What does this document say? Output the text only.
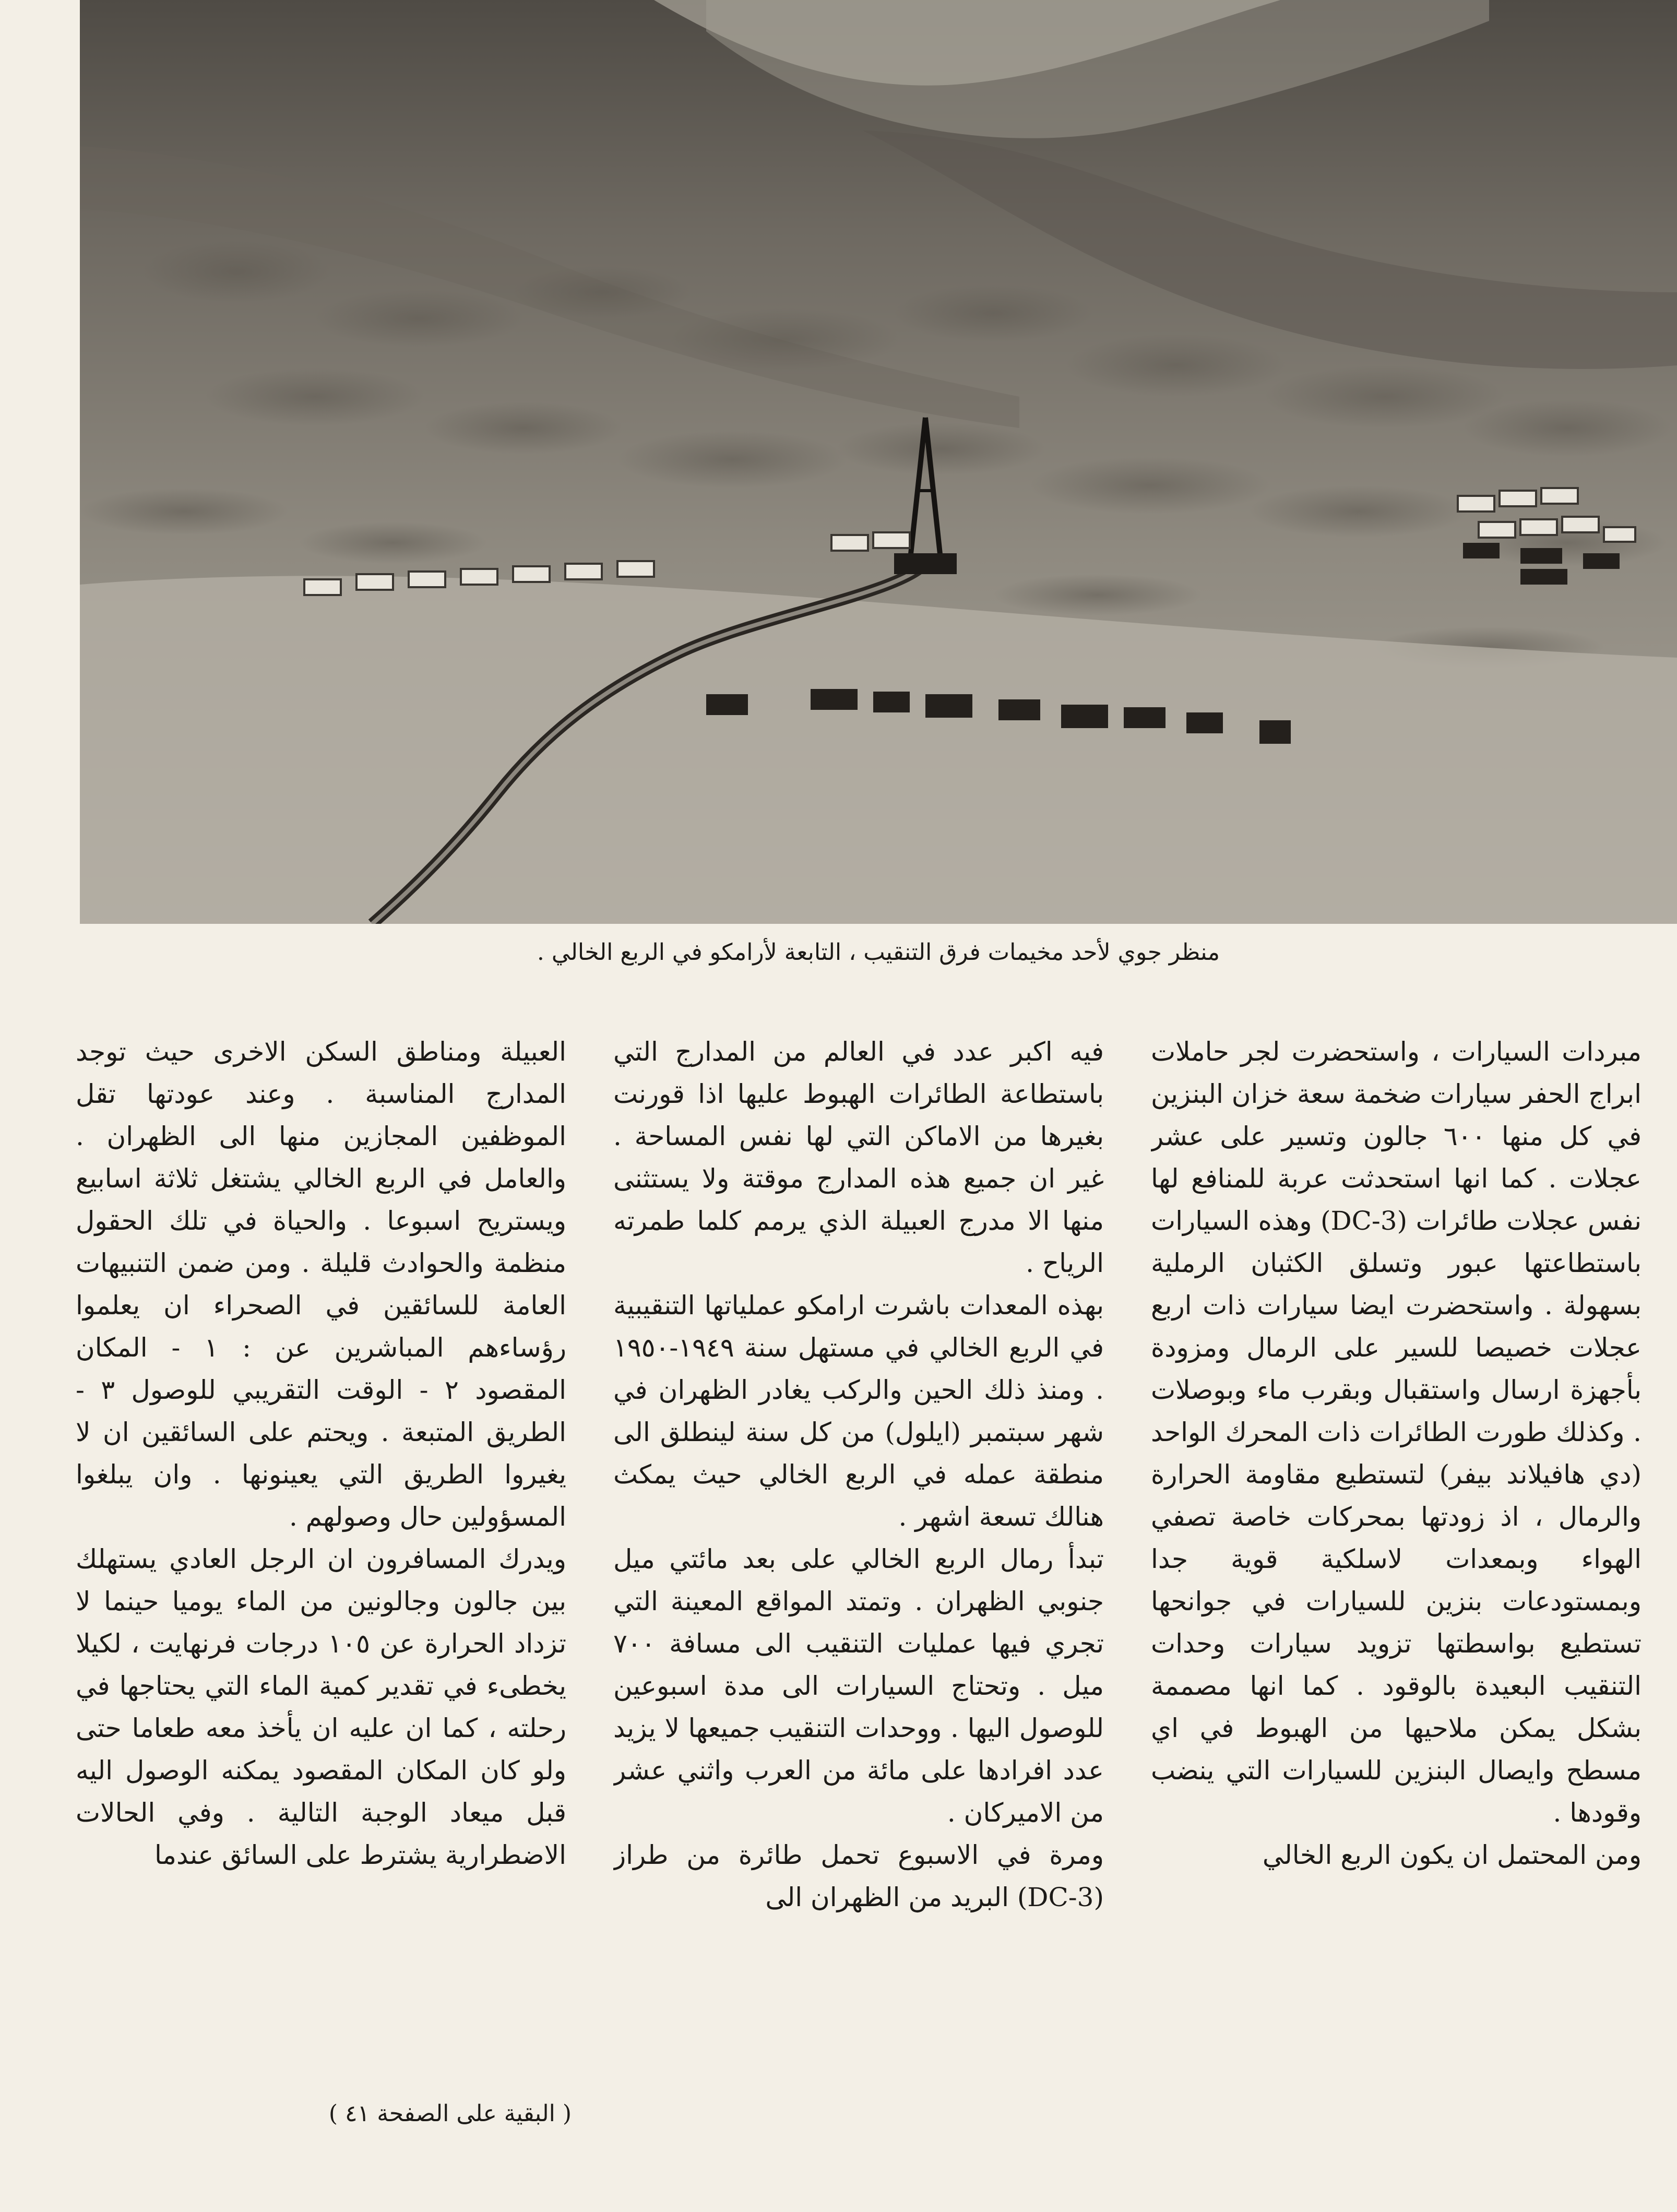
منظر جوي لأحد مخيمات فرق التنقيب ، التابعة لأرامكو في الربع الخالي .

مبردات السيارات ، واستحضرت لجر حاملات ابراج الحفر سيارات ضخمة سعة خزان البنزين في كل منها ٦٠٠ جالون وتسير على عشر عجلات . كما انها استحدثت عربة للمنافع لها نفس عجلات طائرات (DC-3) وهذه السيارات باستطاعتها عبور وتسلق الكثبان الرملية بسهولة . واستحضرت ايضا سيارات ذات اربع عجلات خصيصا للسير على الرمال ومزودة بأجهزة ارسال واستقبال وبقرب ماء وبوصلات . وكذلك طورت الطائرات ذات المحرك الواحد (دي هافيلاند بيفر) لتستطيع مقاومة الحرارة والرمال ، اذ زودتها بمحركات خاصة تصفي الهواء وبمعدات لاسلكية قوية جدا وبمستودعات بنزين للسيارات في جوانحها تستطيع بواسطتها تزويد سيارات وحدات التنقيب البعيدة بالوقود . كما انها مصممة بشكل يمكن ملاحيها من الهبوط في اي مسطح وايصال البنزين للسيارات التي ينضب وقودها .

ومن المحتمل ان يكون الربع الخالي

فيه اكبر عدد في العالم من المدارج التي باستطاعة الطائرات الهبوط عليها اذا قورنت بغيرها من الاماكن التي لها نفس المساحة . غير ان جميع هذه المدارج موقتة ولا يستثنى منها الا مدرج العبيلة الذي يرمم كلما طمرته الرياح .

بهذه المعدات باشرت ارامكو عملياتها التنقيبية في الربع الخالي في مستهل سنة ١٩٤٩-١٩٥٠ . ومنذ ذلك الحين والركب يغادر الظهران في شهر سبتمبر (ايلول) من كل سنة لينطلق الى منطقة عمله في الربع الخالي حيث يمكث هنالك تسعة اشهر .

تبدأ رمال الربع الخالي على بعد مائتي ميل جنوبي الظهران . وتمتد المواقع المعينة التي تجري فيها عمليات التنقيب الى مسافة ٧٠٠ ميل . وتحتاج السيارات الى مدة اسبوعين للوصول اليها . ووحدات التنقيب جميعها لا يزيد عدد افرادها على مائة من العرب واثني عشر من الاميركان .

ومرة في الاسبوع تحمل طائرة من طراز (DC-3) البريد من الظهران الى

العبيلة ومناطق السكن الاخرى حيث توجد المدارج المناسبة . وعند عودتها تقل الموظفين المجازين منها الى الظهران . والعامل في الربع الخالي يشتغل ثلاثة اسابيع ويستريح اسبوعا . والحياة في تلك الحقول منظمة والحوادث قليلة . ومن ضمن التنبيهات العامة للسائقين في الصحراء ان يعلموا رؤساءهم المباشرين عن : ١ - المكان المقصود ٢ - الوقت التقريبي للوصول ٣ - الطريق المتبعة . ويحتم على السائقين ان لا يغيروا الطريق التي يعينونها . وان يبلغوا المسؤولين حال وصولهم .

ويدرك المسافرون ان الرجل العادي يستهلك بين جالون وجالونين من الماء يوميا حينما لا تزداد الحرارة عن ١٠٥ درجات فرنهايت ، لكيلا يخطىء في تقدير كمية الماء التي يحتاجها في رحلته ، كما ان عليه ان يأخذ معه طعاما حتى ولو كان المكان المقصود يمكنه الوصول اليه قبل ميعاد الوجبة التالية . وفي الحالات الاضطرارية يشترط على السائق عندما

( البقية على الصفحة ٤١ )
